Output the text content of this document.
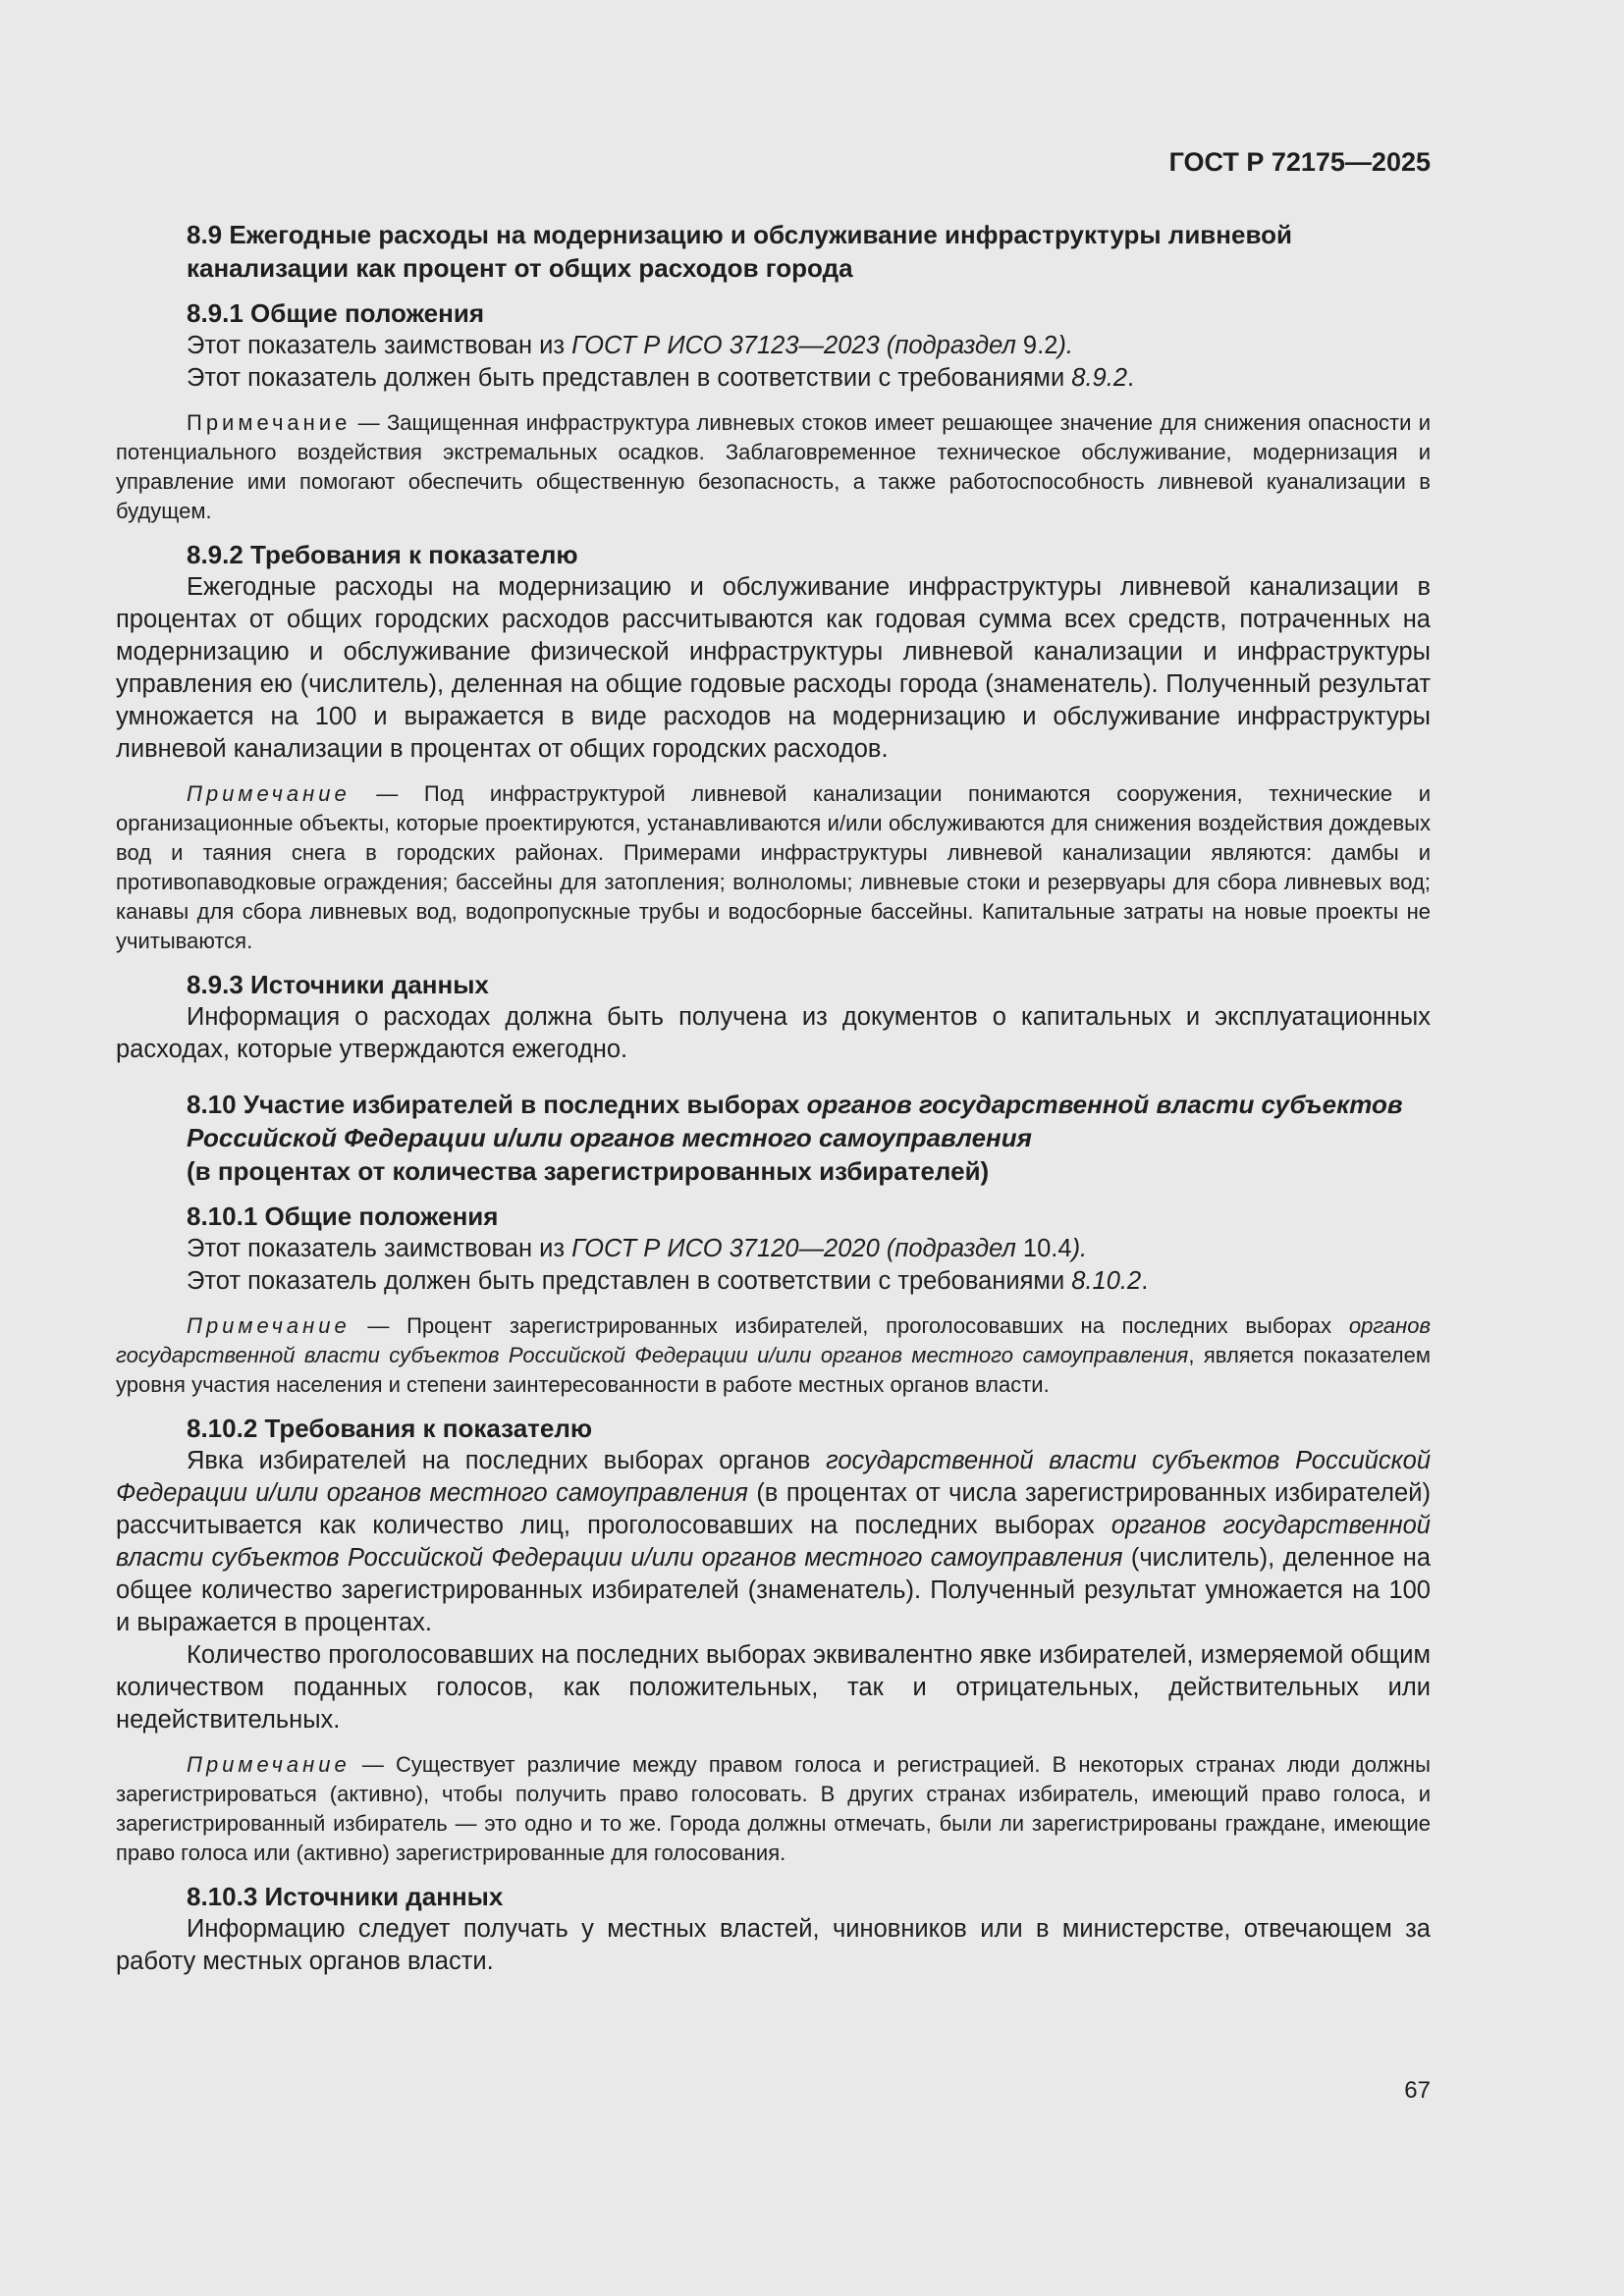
ГОСТ Р 72175—2025
8.9 Ежегодные расходы на модернизацию и обслуживание инфраструктуры ливневой канализации как процент от общих расходов города
8.9.1 Общие положения
Этот показатель заимствован из ГОСТ Р ИСО 37123—2023 (подраздел 9.2).
Этот показатель должен быть представлен в соответствии с требованиями 8.9.2.
Примечание — Защищенная инфраструктура ливневых стоков имеет решающее значение для снижения опасности и потенциального воздействия экстремальных осадков. Заблаговременное техническое обслуживание, модернизация и управление ими помогают обеспечить общественную безопасность, а также работоспособность ливневой куанализации в будущем.
8.9.2 Требования к показателю
Ежегодные расходы на модернизацию и обслуживание инфраструктуры ливневой канализации в процентах от общих городских расходов рассчитываются как годовая сумма всех средств, потраченных на модернизацию и обслуживание физической инфраструктуры ливневой канализации и инфраструктуры управления ею (числитель), деленная на общие годовые расходы города (знаменатель). Полученный результат умножается на 100 и выражается в виде расходов на модернизацию и обслуживание инфраструктуры ливневой канализации в процентах от общих городских расходов.
Примечание — Под инфраструктурой ливневой канализации понимаются сооружения, технические и организационные объекты, которые проектируются, устанавливаются и/или обслуживаются для снижения воздействия дождевых вод и таяния снега в городских районах. Примерами инфраструктуры ливневой канализации являются: дамбы и противопаводковые ограждения; бассейны для затопления; волноломы; ливневые стоки и резервуары для сбора ливневых вод; канавы для сбора ливневых вод, водопропускные трубы и водосборные бассейны. Капитальные затраты на новые проекты не учитываются.
8.9.3 Источники данных
Информация о расходах должна быть получена из документов о капитальных и эксплуатационных расходах, которые утверждаются ежегодно.
8.10 Участие избирателей в последних выборах органов государственной власти субъектов Российской Федерации и/или органов местного самоуправления
(в процентах от количества зарегистрированных избирателей)
8.10.1 Общие положения
Этот показатель заимствован из ГОСТ Р ИСО 37120—2020 (подраздел 10.4).
Этот показатель должен быть представлен в соответствии с требованиями 8.10.2.
Примечание — Процент зарегистрированных избирателей, проголосовавших на последних выборах органов государственной власти субъектов Российской Федерации и/или органов местного самоуправления, является показателем уровня участия населения и степени заинтересованности в работе местных органов власти.
8.10.2 Требования к показателю
Явка избирателей на последних выборах органов государственной власти субъектов Российской Федерации и/или органов местного самоуправления (в процентах от числа зарегистрированных избирателей) рассчитывается как количество лиц, проголосовавших на последних выборах органов государственной власти субъектов Российской Федерации и/или органов местного самоуправления (числитель), деленное на общее количество зарегистрированных избирателей (знаменатель). Полученный результат умножается на 100 и выражается в процентах.
Количество проголосовавших на последних выборах эквивалентно явке избирателей, измеряемой общим количеством поданных голосов, как положительных, так и отрицательных, действительных или недействительных.
Примечание — Существует различие между правом голоса и регистрацией. В некоторых странах люди должны зарегистрироваться (активно), чтобы получить право голосовать. В других странах избиратель, имеющий право голоса, и зарегистрированный избиратель — это одно и то же. Города должны отмечать, были ли зарегистрированы граждане, имеющие право голоса или (активно) зарегистрированные для голосования.
8.10.3 Источники данных
Информацию следует получать у местных властей, чиновников или в министерстве, отвечающем за работу местных органов власти.
67
